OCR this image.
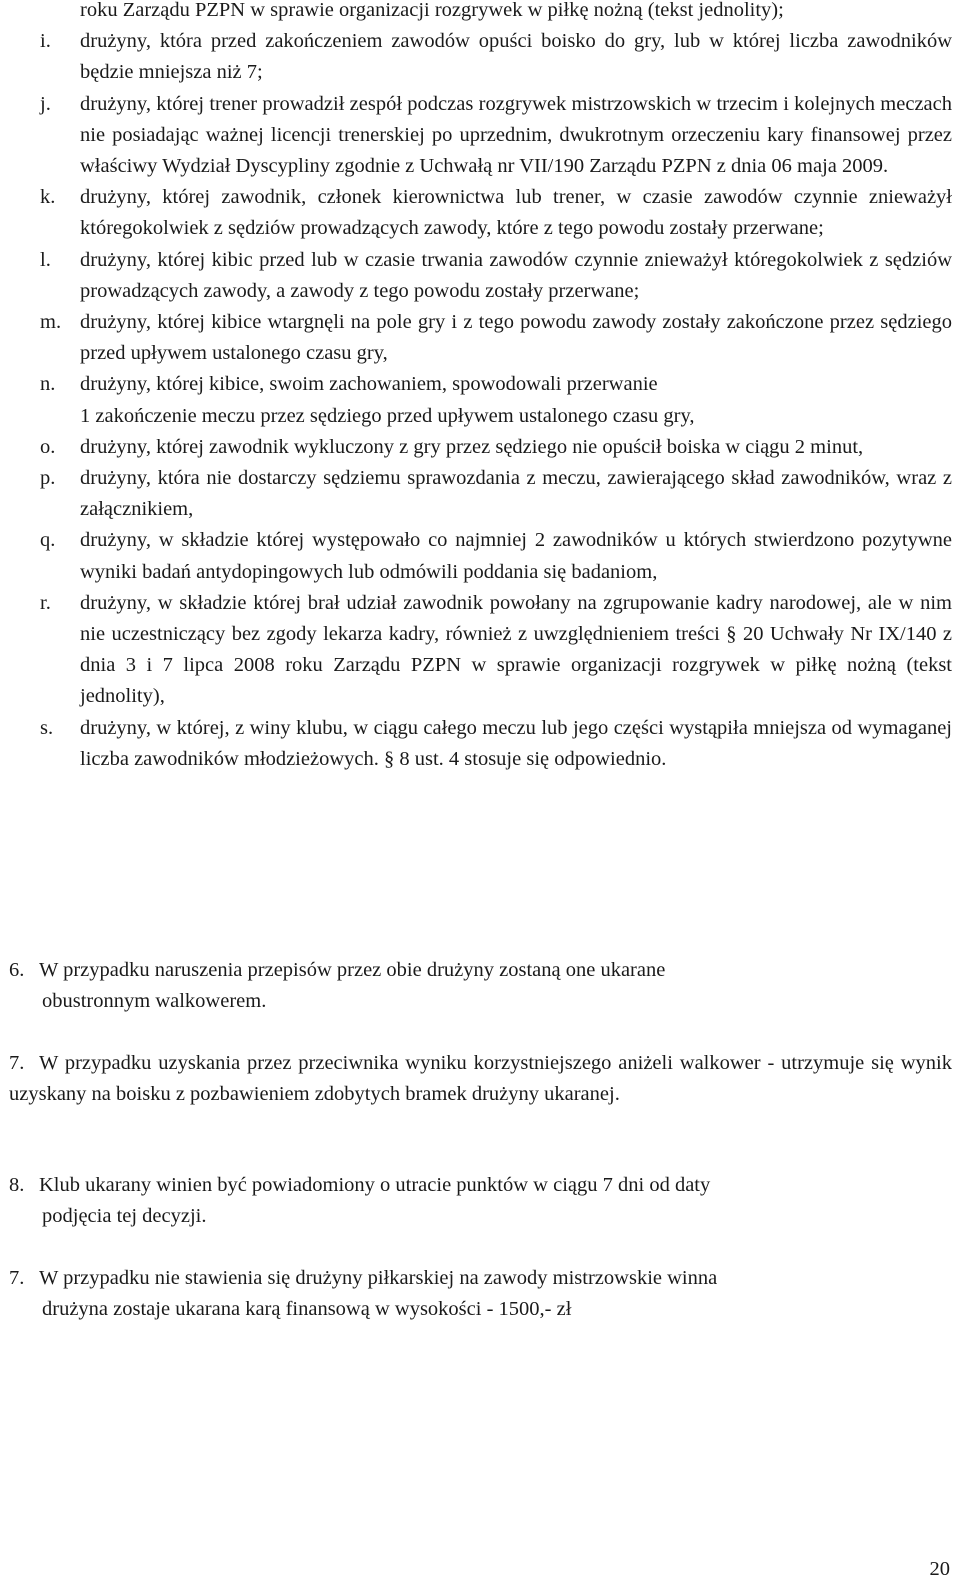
roku Zarządu PZPN w sprawie organizacji rozgrywek w piłkę nożną (tekst jednolity);

i. drużyny, która przed zakończeniem zawodów opuści boisko do gry, lub w której liczba zawodników będzie mniejsza niż 7;

j. drużyny, której trener prowadził zespół podczas rozgrywek mistrzowskich w trzecim i kolejnych meczach nie posiadając ważnej licencji trenerskiej po uprzednim, dwukrotnym orzeczeniu kary finansowej przez właściwy Wydział Dyscypliny zgodnie z Uchwałą nr VII/190 Zarządu PZPN z dnia 06 maja 2009.

k. drużyny, której zawodnik, członek kierownictwa lub trener, w czasie zawodów czynnie znieważył któregokolwiek z sędziów prowadzących zawody, które z tego powodu zostały przerwane;

l. drużyny, której kibic przed lub w czasie trwania zawodów czynnie znieważył któregokolwiek z sędziów prowadzących zawody, a zawody z tego powodu zostały przerwane;

m. drużyny, której kibice wtargnęli na pole gry i z tego powodu zawody zostały zakończone przez sędziego przed upływem ustalonego czasu gry,

n. drużyny, której kibice, swoim zachowaniem, spowodowali przerwanie
1 zakończenie meczu przez sędziego przed upływem ustalonego czasu gry,

o. drużyny, której zawodnik wykluczony z gry przez sędziego nie opuścił boiska w ciągu 2 minut,

p. drużyny, która nie dostarczy sędziemu sprawozdania z meczu, zawierającego skład zawodników, wraz z załącznikiem,

q. drużyny, w składzie której występowało co najmniej 2 zawodników u których stwierdzono pozytywne wyniki badań antydopingowych lub odmówili poddania się badaniom,

r. drużyny, w składzie której brał udział zawodnik powołany na zgrupowanie kadry narodowej, ale w nim nie uczestniczący bez zgody lekarza kadry, również z uwzględnieniem treści § 20 Uchwały Nr IX/140 z dnia 3 i 7 lipca 2008 roku Zarządu PZPN w sprawie organizacji rozgrywek w piłkę nożną (tekst jednolity),

s. drużyny, w której, z winy klubu, w ciągu całego meczu lub jego części wystąpiła mniejsza od wymaganej liczba zawodników młodzieżowych. § 8 ust. 4 stosuje się odpowiednio.

6. W przypadku naruszenia przepisów przez obie drużyny zostaną one ukarane

obustronnym walkowerem.

7. W przypadku uzyskania przez przeciwnika wyniku korzystniejszego aniżeli walkower - utrzymuje się wynik uzyskany na boisku z pozbawieniem zdobytych bramek drużyny ukaranej.

8. Klub ukarany winien być powiadomiony o utracie punktów w ciągu 7 dni od daty

podjęcia tej decyzji.

7. W przypadku nie stawienia się drużyny piłkarskiej na zawody mistrzowskie winna

drużyna zostaje ukarana karą finansową w wysokości - 1500,- zł

20
